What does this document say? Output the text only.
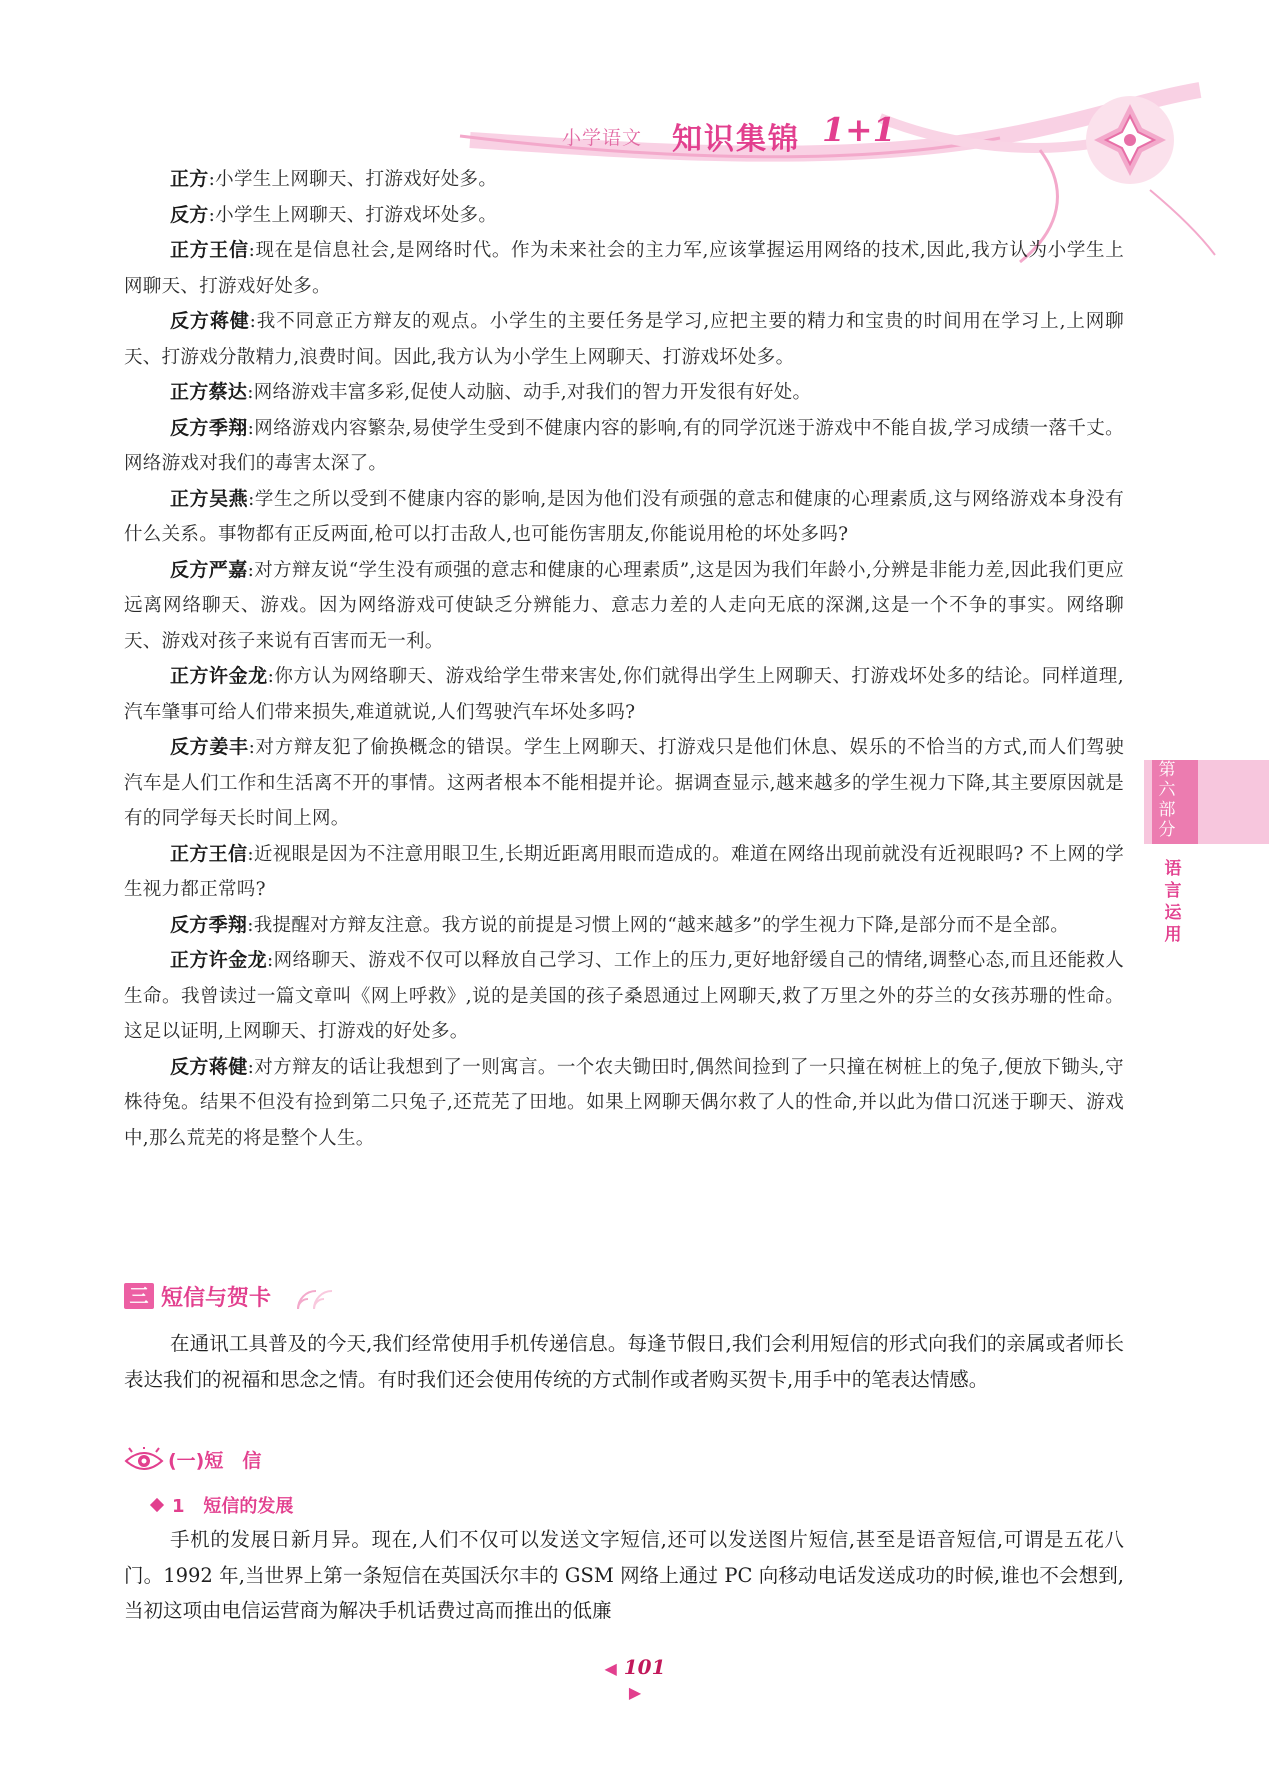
小学语文 知识集锦 1+1
第六部分
语言运用

正方:小学生上网聊天、打游戏好处多。

反方:小学生上网聊天、打游戏坏处多。

正方王信:现在是信息社会,是网络时代。作为未来社会的主力军,应该掌握运用网络的技术,因此,我方认为小学生上网聊天、打游戏好处多。

反方蒋健:我不同意正方辩友的观点。小学生的主要任务是学习,应把主要的精力和宝贵的时间用在学习上,上网聊天、打游戏分散精力,浪费时间。因此,我方认为小学生上网聊天、打游戏坏处多。

正方蔡达:网络游戏丰富多彩,促使人动脑、动手,对我们的智力开发很有好处。

反方季翔:网络游戏内容繁杂,易使学生受到不健康内容的影响,有的同学沉迷于游戏中不能自拔,学习成绩一落千丈。网络游戏对我们的毒害太深了。

正方吴燕:学生之所以受到不健康内容的影响,是因为他们没有顽强的意志和健康的心理素质,这与网络游戏本身没有什么关系。事物都有正反两面,枪可以打击敌人,也可能伤害朋友,你能说用枪的坏处多吗?

反方严嘉:对方辩友说“学生没有顽强的意志和健康的心理素质”,这是因为我们年龄小,分辨是非能力差,因此我们更应远离网络聊天、游戏。因为网络游戏可使缺乏分辨能力、意志力差的人走向无底的深渊,这是一个不争的事实。网络聊天、游戏对孩子来说有百害而无一利。

正方许金龙:你方认为网络聊天、游戏给学生带来害处,你们就得出学生上网聊天、打游戏坏处多的结论。同样道理,汽车肇事可给人们带来损失,难道就说,人们驾驶汽车坏处多吗?

反方姜丰:对方辩友犯了偷换概念的错误。学生上网聊天、打游戏只是他们休息、娱乐的不恰当的方式,而人们驾驶汽车是人们工作和生活离不开的事情。这两者根本不能相提并论。据调查显示,越来越多的学生视力下降,其主要原因就是有的同学每天长时间上网。

正方王信:近视眼是因为不注意用眼卫生,长期近距离用眼而造成的。难道在网络出现前就没有近视眼吗? 不上网的学生视力都正常吗?

反方季翔:我提醒对方辩友注意。我方说的前提是习惯上网的“越来越多”的学生视力下降,是部分而不是全部。

正方许金龙:网络聊天、游戏不仅可以释放自己学习、工作上的压力,更好地舒缓自己的情绪,调整心态,而且还能救人生命。我曾读过一篇文章叫《网上呼救》,说的是美国的孩子桑恩通过上网聊天,救了万里之外的芬兰的女孩苏珊的性命。这足以证明,上网聊天、打游戏的好处多。

反方蒋健:对方辩友的话让我想到了一则寓言。一个农夫锄田时,偶然间捡到了一只撞在树桩上的兔子,便放下锄头,守株待兔。结果不但没有捡到第二只兔子,还荒芜了田地。如果上网聊天偶尔救了人的性命,并以此为借口沉迷于聊天、游戏中,那么荒芜的将是整个人生。

三 短信与贺卡

在通讯工具普及的今天,我们经常使用手机传递信息。每逢节假日,我们会利用短信的形式向我们的亲属或者师长表达我们的祝福和思念之情。有时我们还会使用传统的方式制作或者购买贺卡,用手中的笔表达情感。

(一)短　信
1 短信的发展

手机的发展日新月异。现在,人们不仅可以发送文字短信,还可以发送图片短信,甚至是语音短信,可谓是五花八门。1992 年,当世界上第一条短信在英国沃尔丰的 GSM 网络上通过 PC 向移动电话发送成功的时候,谁也不会想到,当初这项由电信运营商为解决手机话费过高而推出的低廉

◀ 101 ▶
